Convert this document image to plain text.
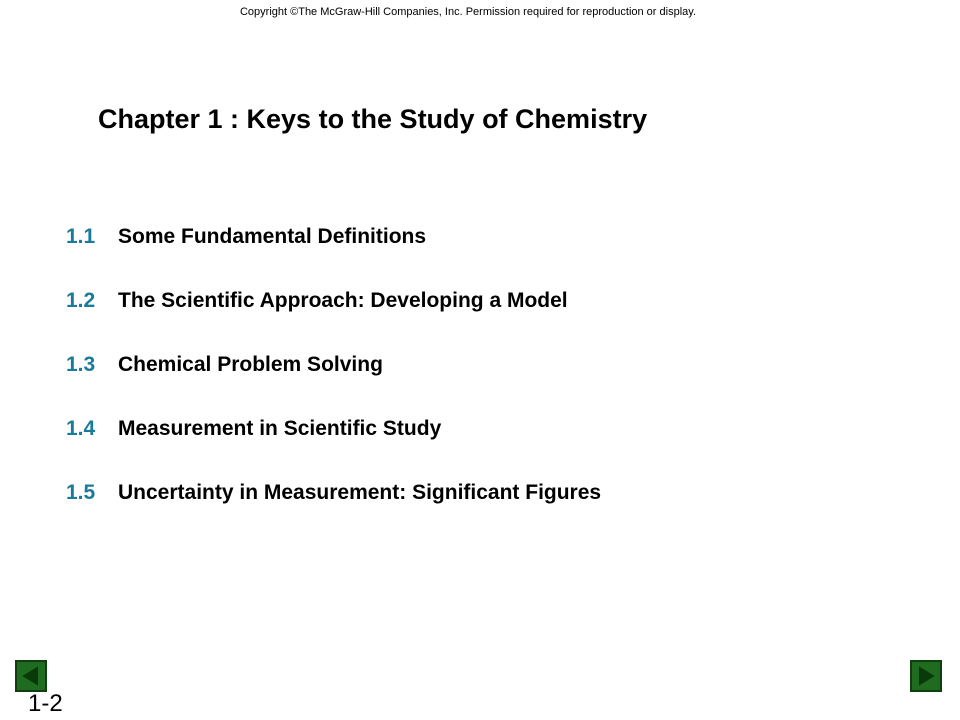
Copyright ©The McGraw-Hill Companies, Inc. Permission required for reproduction or display.
Chapter 1 : Keys to the Study of Chemistry
1.1 Some Fundamental Definitions
1.2 The Scientific Approach: Developing a Model
1.3 Chemical Problem Solving
1.4 Measurement in Scientific Study
1.5 Uncertainty in Measurement: Significant Figures
1-2
